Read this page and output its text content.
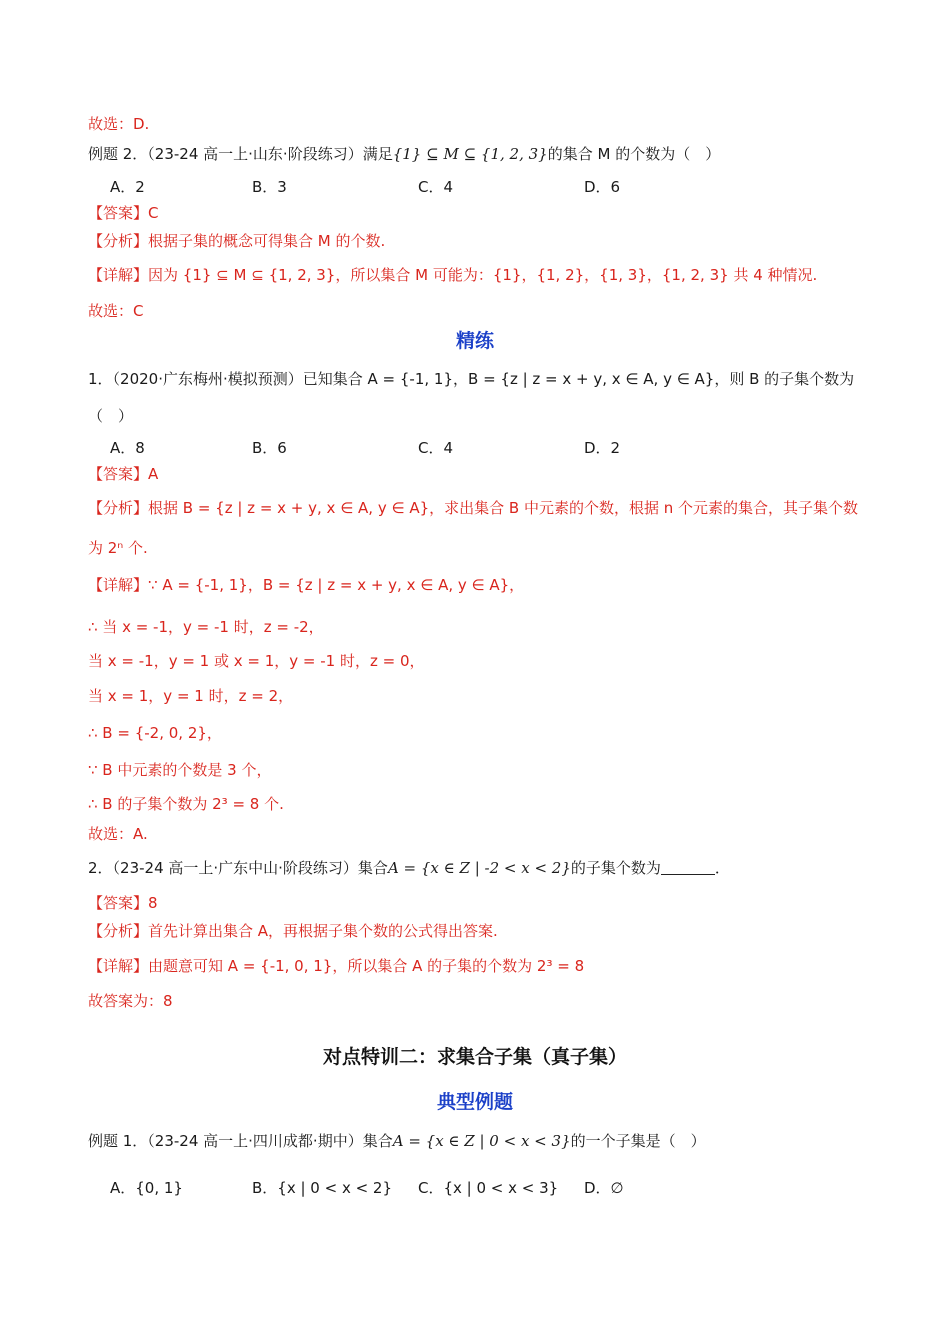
故选：D.
例题 2．（23-24 高一上·山东·阶段练习）满足{1} ⊆ M ⊆ {1, 2, 3}的集合 M 的个数为（　）
A．2	B．3	C．4	D．6
【答案】C
【分析】根据子集的概念可得集合 M 的个数.
【详解】因为 {1} ⊆ M ⊆ {1, 2, 3}，所以集合 M 可能为：{1}，{1, 2}，{1, 3}，{1, 2, 3} 共 4 种情况.
故选：C
精练
1．（2020·广东梅州·模拟预测）已知集合 A = {-1, 1}，B = {z | z = x + y, x ∈ A, y ∈ A}，则 B 的子集个数为
（　）
A．8	B．6	C．4	D．2
【答案】A
【分析】根据 B = {z | z = x + y, x ∈ A, y ∈ A}，求出集合 B 中元素的个数，根据 n 个元素的集合，其子集个数
为 2ⁿ 个.
【详解】∵ A = {-1, 1}，B = {z | z = x + y, x ∈ A, y ∈ A}，
∴ 当 x = -1，y = -1 时，z = -2，
当 x = -1，y = 1 或 x = 1，y = -1 时，z = 0，
当 x = 1，y = 1 时，z = 2，
∴ B = {-2, 0, 2}，
∵ B 中元素的个数是 3 个，
∴ B 的子集个数为 2³ = 8 个.
故选：A.
2．（23-24 高一上·广东中山·阶段练习）集合A = {x ∈ Z | -2 < x < 2}的子集个数为	．
【答案】8
【分析】首先计算出集合 A，再根据子集个数的公式得出答案.
【详解】由题意可知 A = {-1, 0, 1}，所以集合 A 的子集的个数为 2³ = 8
故答案为：8
对点特训二：求集合子集（真子集）
典型例题
例题 1．（23-24 高一上·四川成都·期中）集合A = {x ∈ Z | 0 < x < 3}的一个子集是（　）
A．{0, 1}	B．{x | 0 < x < 2} C．{x | 0 < x < 3} D．∅
